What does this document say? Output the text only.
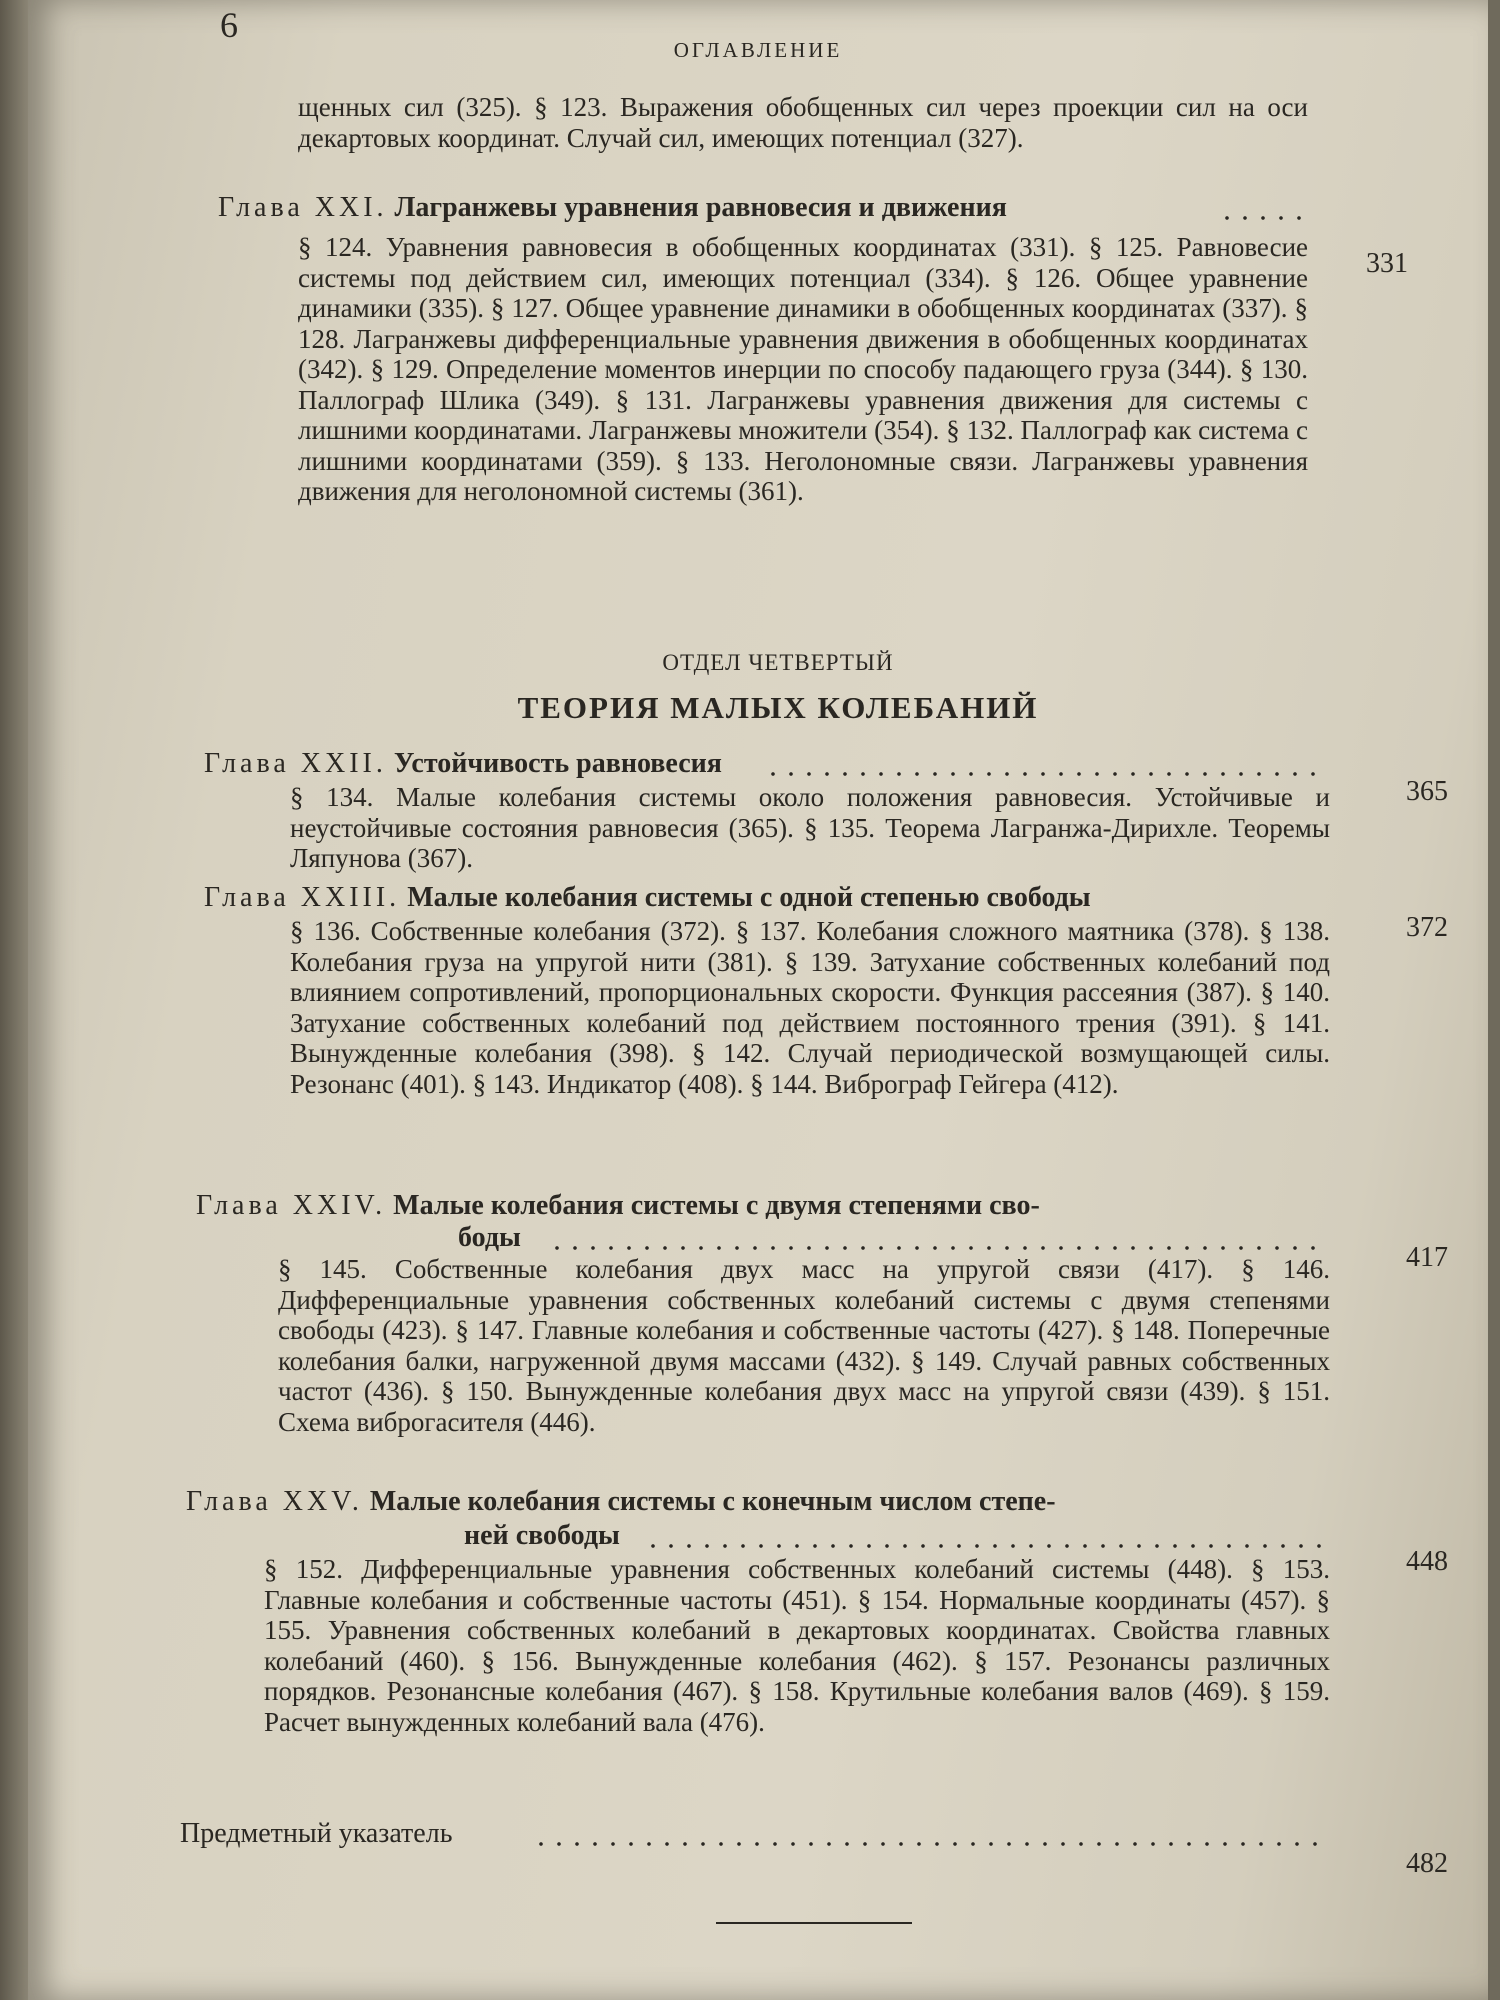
6
ОГЛАВЛЕНИЕ
щенных сил (325). § 123. Выражения обобщенных сил через проекции сил на оси декартовых координат. Случай сил, имеющих потенциал (327).
Глава XXI. Лагранжевы уравнения равновесия и движения
331
§ 124. Уравнения равновесия в обобщенных координатах (331). § 125. Равновесие системы под действием сил, имеющих потенциал (334). § 126. Общее уравнение динамики (335). § 127. Общее уравнение динамики в обобщенных координатах (337). § 128. Лагранжевы дифференциальные уравнения движения в обобщенных координатах (342). § 129. Определение моментов инерции по способу падающего груза (344). § 130. Паллограф Шлика (349). § 131. Лагранжевы уравнения движения для системы с лишними координатами. Лагранжевы множители (354). § 132. Паллограф как система с лишними координатами (359). § 133. Неголономные связи. Лагранжевы уравнения движения для неголономной системы (361).
ОТДЕЛ ЧЕТВЕРТЫЙ
ТЕОРИЯ МАЛЫХ КОЛЕБАНИЙ
Глава XXII. Устойчивость равновесия
365
§ 134. Малые колебания системы около положения равновесия. Устойчивые и неустойчивые состояния равновесия (365). § 135. Теорема Лагранжа-Дирихле. Теоремы Ляпунова (367).
Глава XXIII. Малые колебания системы с одной степенью свободы
372
§ 136. Собственные колебания (372). § 137. Колебания сложного маятника (378). § 138. Колебания груза на упругой нити (381). § 139. Затухание собственных колебаний под влиянием сопротивлений, пропорциональных скорости. Функция рассеяния (387). § 140. Затухание собственных колебаний под действием постоянного трения (391). § 141. Вынужденные колебания (398). § 142. Случай периодической возмущающей силы. Резонанс (401). § 143. Индикатор (408). § 144. Виброграф Гейгера (412).
Глава XXIV. Малые колебания системы с двумя степенями сво-
боды
417
§ 145. Собственные колебания двух масс на упругой связи (417). § 146. Дифференциальные уравнения собственных колебаний системы с двумя степенями свободы (423). § 147. Главные колебания и собственные частоты (427). § 148. Поперечные колебания балки, нагруженной двумя массами (432). § 149. Случай равных собственных частот (436). § 150. Вынужденные колебания двух масс на упругой связи (439). § 151. Схема виброгасителя (446).
Глава XXV. Малые колебания системы с конечным числом степе-
ней свободы
448
§ 152. Дифференциальные уравнения собственных колебаний системы (448). § 153. Главные колебания и собственные частоты (451). § 154. Нормальные координаты (457). § 155. Уравнения собственных колебаний в декартовых координатах. Свойства главных колебаний (460). § 156. Вынужденные колебания (462). § 157. Резонансы различных порядков. Резонансные колебания (467). § 158. Крутильные колебания валов (469). § 159. Расчет вынужденных колебаний вала (476).
Предметный указатель
482
